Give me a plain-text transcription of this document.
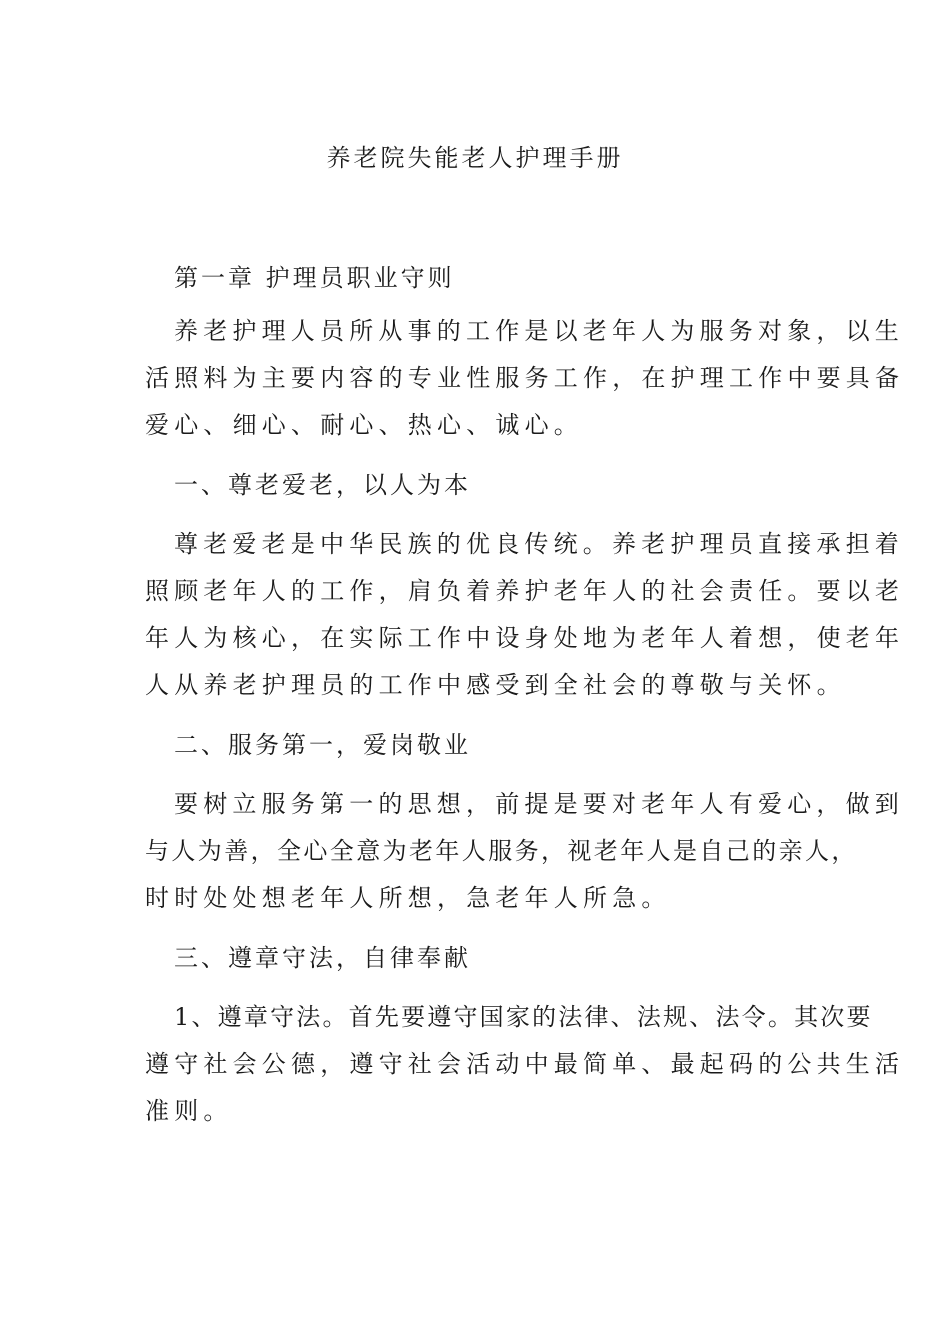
养老院失能老人护理手册
第一章 护理员职业守则
养老护理人员所从事的工作是以老年人为服务对象，以生
活照料为主要内容的专业性服务工作，在护理工作中要具备
爱心、细心、耐心、热心、诚心。
一、尊老爱老，以人为本
尊老爱老是中华民族的优良传统。养老护理员直接承担着
照顾老年人的工作，肩负着养护老年人的社会责任。要以老
年人为核心，在实际工作中设身处地为老年人着想，使老年
人从养老护理员的工作中感受到全社会的尊敬与关怀。
二、服务第一，爱岗敬业
要树立服务第一的思想，前提是要对老年人有爱心，做到
与人为善，全心全意为老年人服务，视老年人是自己的亲人，
时时处处想老年人所想，急老年人所急。
三、遵章守法，自律奉献
1、遵章守法。首先要遵守国家的法律、法规、法令。其次要
遵守社会公德，遵守社会活动中最简单、最起码的公共生活
准则。
